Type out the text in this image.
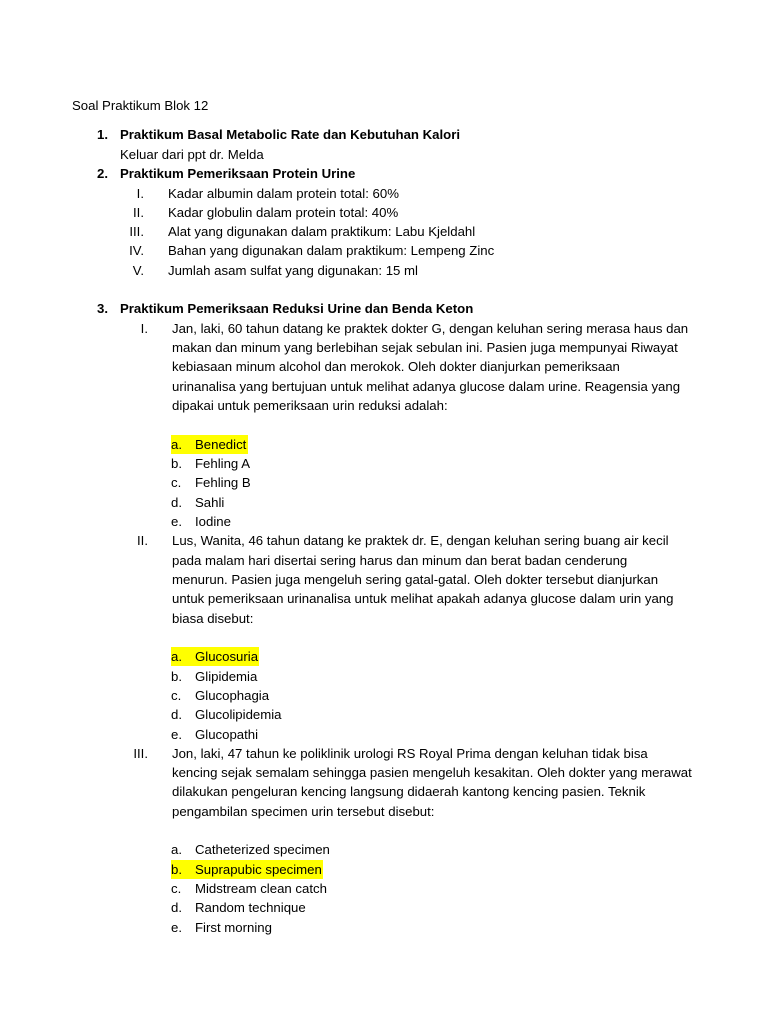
Soal Praktikum Blok 12
1. Praktikum Basal Metabolic Rate dan Kebutuhan Kalori
Keluar dari ppt dr. Melda
2. Praktikum Pemeriksaan Protein Urine
I. Kadar albumin dalam protein total: 60%
II. Kadar globulin dalam protein total: 40%
III. Alat yang digunakan dalam praktikum: Labu Kjeldahl
IV. Bahan yang digunakan dalam praktikum: Lempeng Zinc
V. Jumlah asam sulfat yang digunakan: 15 ml
3. Praktikum Pemeriksaan Reduksi Urine dan Benda Keton
I. Jan, laki, 60 tahun datang ke praktek dokter G, dengan keluhan sering merasa haus dan
makan dan minum yang berlebihan sejak sebulan ini. Pasien juga mempunyai Riwayat
kebiasaan minum alcohol dan merokok. Oleh dokter dianjurkan pemeriksaan
urinanalisa yang bertujuan untuk melihat adanya glucose dalam urine. Reagensia yang
dipakai untuk pemeriksaan urin reduksi adalah:
a. Benedict
b. Fehling A
c. Fehling B
d. Sahli
e. Iodine
II. Lus, Wanita, 46 tahun datang ke praktek dr. E, dengan keluhan sering buang air kecil
pada malam hari disertai sering harus dan minum dan berat badan cenderung
menurun. Pasien juga mengeluh sering gatal-gatal. Oleh dokter tersebut dianjurkan
untuk pemeriksaan urinanalisa untuk melihat apakah adanya glucose dalam urin yang
biasa disebut:
a. Glucosuria
b. Glipidemia
c. Glucophagia
d. Glucolipidemia
e. Glucopathi
III. Jon, laki, 47 tahun ke poliklinik urologi RS Royal Prima dengan keluhan tidak bisa
kencing sejak semalam sehingga pasien mengeluh kesakitan. Oleh dokter yang merawat
dilakukan pengeluran kencing langsung didaerah kantong kencing pasien. Teknik
pengambilan specimen urin tersebut disebut:
a. Catheterized specimen
b. Suprapubic specimen
c. Midstream clean catch
d. Random technique
e. First morning
